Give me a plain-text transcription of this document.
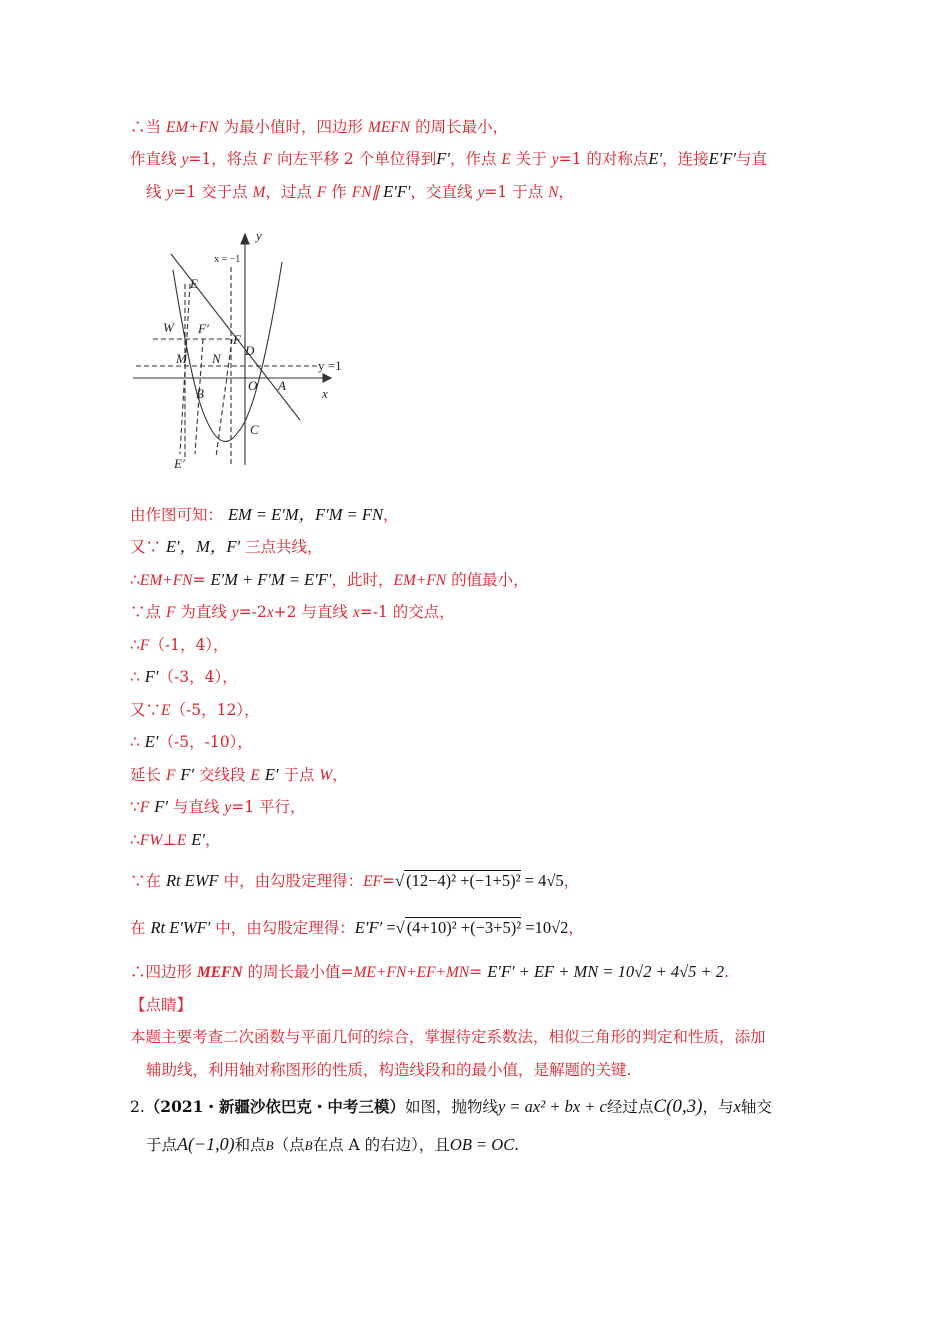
∴当 EM+FN 为最小值时，四边形 MEFN 的周长最小，
作直线 y=1，将点 F 向左平移 2 个单位得到F′，作点 E 关于 y=1 的对称点E′，连接E′F′与直
线 y=1 交于点 M，过点 F 作 FN∥ E′F′，交直线 y=1 于点 N，
y
x
x = −1
y =1
E
F
F′
W
M N
D
O A
B
C
E′
由作图可知： EM = E′M，F′M = FN，
又∵ E′，M，F′ 三点共线，
∴EM+FN= E′M + F′M = E′F′，此时，EM+FN 的值最小，
∵点 F 为直线 y=-2x+2 与直线 x=-1 的交点，
∴F（-1，4），
∴ F′（-3，4），
又∵E（-5，12），
∴ E′（-5，-10），
延长 F F′ 交线段 E E′ 于点 W，
∵F F′ 与直线 y=1 平行，
∴FW⊥E E′，
∵在 Rt EWF 中，由勾股定理得：EF=√ (12−4)² +(−1+5)² = 4√5，
在 Rt E′WF′ 中，由勾股定理得：E′F′ =√ (4+10)² +(−3+5)² =10√2，
∴四边形 MEFN 的周长最小值=ME+FN+EF+MN= E′F′ + EF + MN = 10√2 + 4√5 + 2.
【点睛】
本题主要考查二次函数与平面几何的综合，掌握待定系数法，相似三角形的判定和性质，添加
辅助线，利用轴对称图形的性质，构造线段和的最小值，是解题的关键.
2.（2021・新疆沙依巴克・中考三模）如图，抛物线y = ax² + bx + c经过点C(0,3)，与x轴交
于点A(−1,0)和点B（点B在点 A 的右边），且OB = OC.
